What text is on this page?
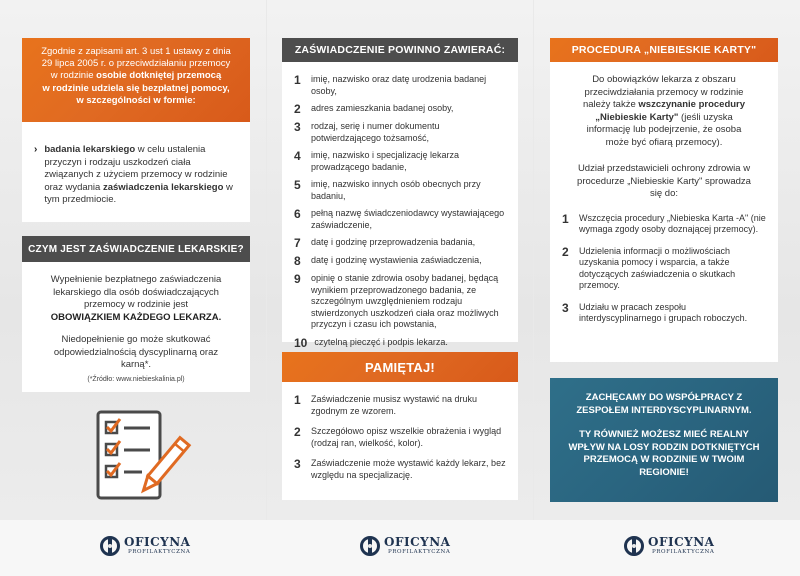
Zgodnie z zapisami art. 3 ust 1 ustawy z dnia
29 lipca 2005 r. o przeciwdziałaniu przemocy
w rodzinie osobie dotkniętej przemocą
w rodzinie udziela się bezpłatnej pomocy,
w szczególności w formie:
› badania lekarskiego w celu ustalenia przyczyn i rodzaju uszkodzeń ciała związanych z użyciem przemocy w rodzinie oraz wydania zaświadczenia lekarskiego w tym przedmiocie.
CZYM JEST ZAŚWIADCZENIE LEKARSKIE?
Wypełnienie bezpłatnego zaświadczenia lekarskiego dla osób doświadczających przemocy w rodzinie jest
OBOWIĄZKIEM KAŻDEGO LEKARZA.
Niedopełnienie go może skutkować odpowiedzialnością dyscyplinarną oraz karną*.
(*Źródło: www.niebieskalinia.pl)
ZAŚWIADCZENIE POWINNO ZAWIERAĆ:
1	imię, nazwisko oraz datę urodzenia badanej osoby,
2	adres zamieszkania badanej osoby,
3	rodzaj, serię i numer dokumentu potwierdzającego tożsamość,
4	imię, nazwisko i specjalizację lekarza prowadzącego badanie,
5	imię, nazwisko innych osób obecnych przy badaniu,
6	pełną nazwę świadczeniodawcy wystawiającego zaświadczenie,
7	datę i godzinę przeprowadzenia badania,
8	datę i godzinę wystawienia zaświadczenia,
9	opinię o stanie zdrowia osoby badanej, będącą wynikiem przeprowadzonego badania, ze szczególnym uwzględnieniem rodzaju stwierdzonych uszkodzeń ciała oraz możliwych przyczyn i czasu ich powstania,
10 czytelną pieczęć i podpis lekarza.
PAMIĘTAJ!
1	Zaświadczenie musisz wystawić na druku zgodnym ze wzorem.
2	Szczegółowo opisz wszelkie obrażenia i wygląd (rodzaj ran, wielkość, kolor).
3	Zaświadczenie może wystawić każdy lekarz, bez względu na specjalizację.
PROCEDURA „NIEBIESKIE KARTY"
Do obowiązków lekarza z obszaru przeciwdziałania przemocy w rodzinie należy także wszczynanie procedury „Niebieskie Karty" (jeśli uzyska informację lub podejrzenie, że osoba może być ofiarą przemocy).
Udział przedstawicieli ochrony zdrowia w procedurze „Niebieskie Karty" sprowadza się do:
1	Wszczęcia procedury „Niebieska Karta -A" (nie wymaga zgody osoby doznającej przemocy).
2	Udzielenia informacji o możliwościach uzyskania pomocy i wsparcia, a także dotyczących zaświadczenia o skutkach przemocy.
3	Udziału w pracach zespołu interdyscyplinarnego i grupach roboczych.
ZACHĘCAMY DO WSPÓŁPRACY Z ZESPOŁEM INTERDYSCYPLINARNYM.
TY RÓWNIEŻ MOŻESZ MIEĆ REALNY WPŁYW NA LOSY RODZIN DOTKNIĘTYCH PRZEMOCĄ W RODZINIE W TWOIM REGIONIE!
OFICYNA
PROFILAKTYCZNA
OFICYNA
PROFILAKTYCZNA
OFICYNA
PROFILAKTYCZNA
